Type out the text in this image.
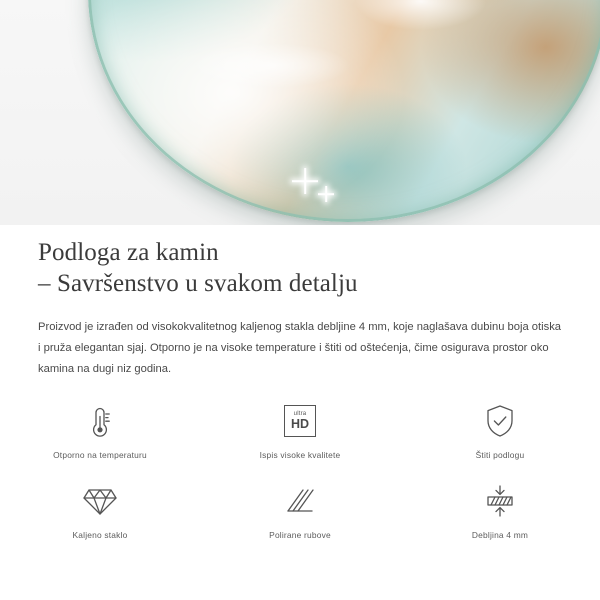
Podloga za kamin
– Savršenstvo u svakom detalju

Proizvod je izrađen od visokokvalitetnog kaljenog stakla debljine 4 mm, koje naglašava dubinu boja otiska i pruža elegantan sjaj. Otporno je na visoke temperature i štiti od oštećenja, čime osigurava prostor oko kamina na dugi niz godina.

Otporno na temperaturu
ultra
HD
Ispis visoke kvalitete	Štiti podlogu
Kaljeno staklo	Polirane rubove	Debljina 4 mm
